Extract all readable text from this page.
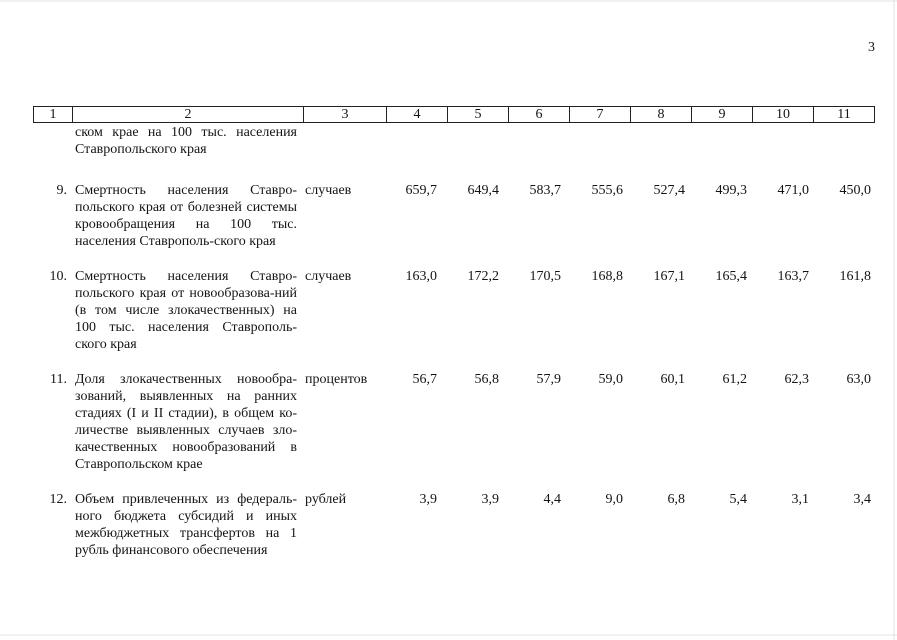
3
1	2	3	4	5	6	7	8	9	10	11
	ском крае на 100 тыс. населения Ставропольского края									
9.	Смертность населения Ставро-польского края от болезней системы кровообращения на 100 тыс. населения Ставрополь-ского края	случаев	659,7	649,4	583,7	555,6	527,4	499,3	471,0	450,0
10.	Смертность населения Ставро-польского края от новообразова-ний (в том числе злокачественных) на 100 тыс. населения Ставрополь-ского края	случаев	163,0	172,2	170,5	168,8	167,1	165,4	163,7	161,8
11.	Доля злокачественных новообра-зований, выявленных на ранних стадиях (I и II стадии), в общем ко-личестве выявленных случаев зло-качественных новообразований в Ставропольском крае	процентов	56,7	56,8	57,9	59,0	60,1	61,2	62,3	63,0
12.	Объем привлеченных из федераль-ного бюджета субсидий и иных межбюджетных трансфертов на 1 рубль финансового обеспечения	рублей	3,9	3,9	4,4	9,0	6,8	5,4	3,1	3,4
